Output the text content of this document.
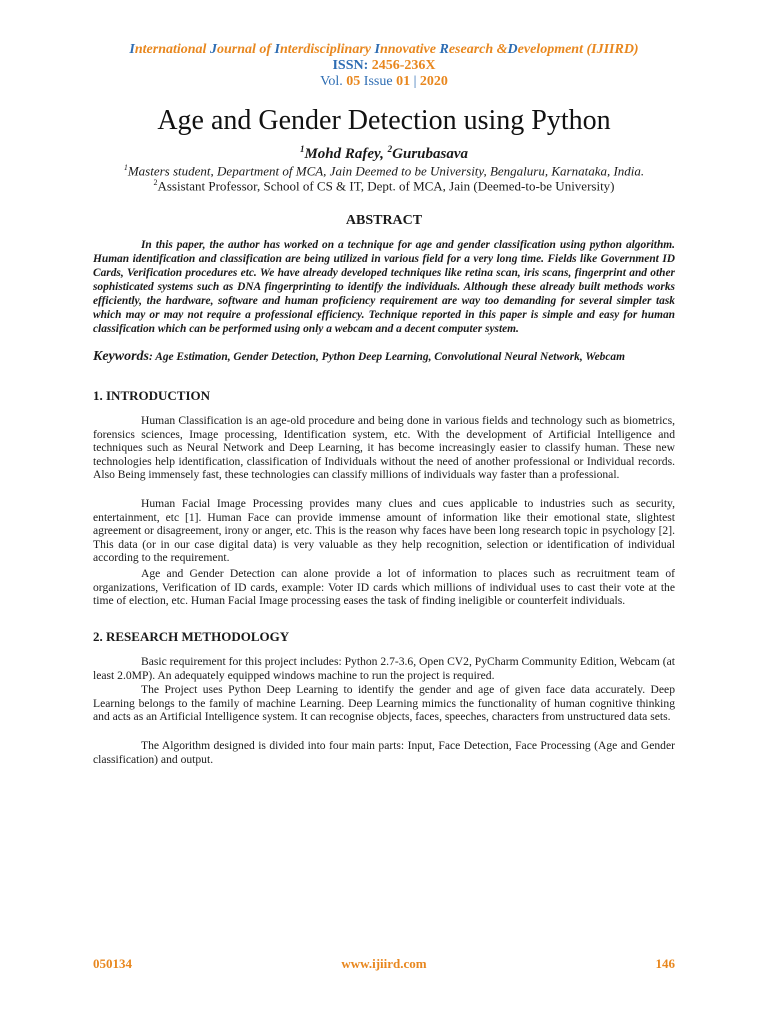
International Journal of Interdisciplinary Innovative Research &Development (IJIIRD)
ISSN: 2456-236X
Vol. 05 Issue 01 | 2020
Age and Gender Detection using Python
$^1$Mohd Rafey, $^2$Gurubasava
$^1$Masters student, Department of MCA, Jain Deemed to be University, Bengaluru, Karnataka, India.
$^2$Assistant Professor, School of CS & IT, Dept. of MCA, Jain (Deemed-to-be University)
ABSTRACT

In this paper, the author has worked on a technique for age and gender classification using python algorithm. Human identification and classification are being utilized in various field for a very long time. Fields like Government ID Cards, Verification procedures etc. We have already developed techniques like retina scan, iris scans, fingerprint and other sophisticated systems such as DNA fingerprinting to identify the individuals. Although these already built methods works efficiently, the hardware, software and human proficiency requirement are way too demanding for several simpler task which may or may not require a professional efficiency. Technique reported in this paper is simple and easy for human classification which can be performed using only a webcam and a decent computer system.

Keywords: Age Estimation, Gender Detection, Python Deep Learning, Convolutional Neural Network, Webcam

1. INTRODUCTION

Human Classification is an age-old procedure and being done in various fields and technology such as biometrics, forensics sciences, Image processing, Identification system, etc. With the development of Artificial Intelligence and techniques such as Neural Network and Deep Learning, it has become increasingly easier to classify human. These new technologies help identification, classification of Individuals without the need of another professional or Individual records. Also Being immensely fast, these technologies can classify millions of individuals way faster than a professional.

Human Facial Image Processing provides many clues and cues applicable to industries such as security, entertainment, etc [1]. Human Face can provide immense amount of information like their emotional state, slightest agreement or disagreement, irony or anger, etc. This is the reason why faces have been long research topic in psychology [2]. This data (or in our case digital data) is very valuable as they help recognition, selection or identification of individual according to the requirement.

Age and Gender Detection can alone provide a lot of information to places such as recruitment team of organizations, Verification of ID cards, example: Voter ID cards which millions of individual uses to cast their vote at the time of election, etc. Human Facial Image processing eases the task of finding ineligible or counterfeit individuals.

2. RESEARCH METHODOLOGY

Basic requirement for this project includes: Python 2.7-3.6, Open CV2, PyCharm Community Edition, Webcam (at least 2.0MP). An adequately equipped windows machine to run the project is required.

The Project uses Python Deep Learning to identify the gender and age of given face data accurately. Deep Learning belongs to the family of machine Learning. Deep Learning mimics the functionality of human cognitive thinking and acts as an Artificial Intelligence system. It can recognise objects, faces, speeches, characters from unstructured data sets.

The Algorithm designed is divided into four main parts: Input, Face Detection, Face Processing (Age and Gender classification) and output.

050134	www.ijiird.com	146
